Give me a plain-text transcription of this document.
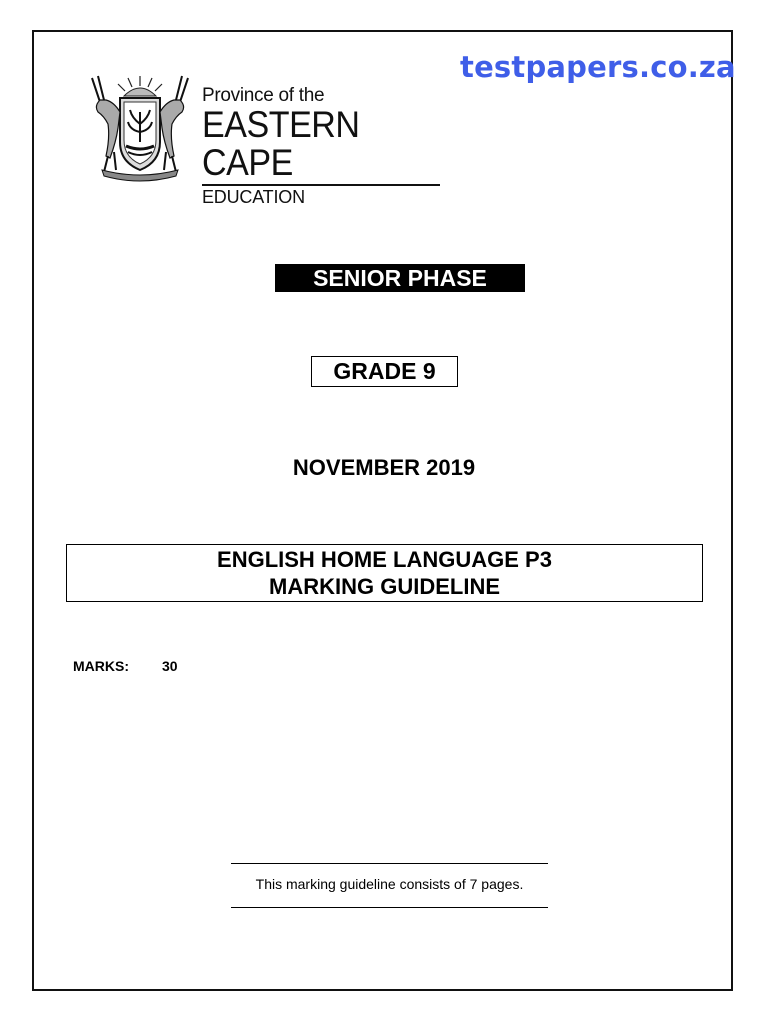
testpapers.co.za
Province of the
EASTERN CAPE
EDUCATION
SENIOR PHASE
GRADE 9
NOVEMBER 2019
ENGLISH HOME LANGUAGE P3
MARKING GUIDELINE
MARKS: 30
This marking guideline consists of 7 pages.
